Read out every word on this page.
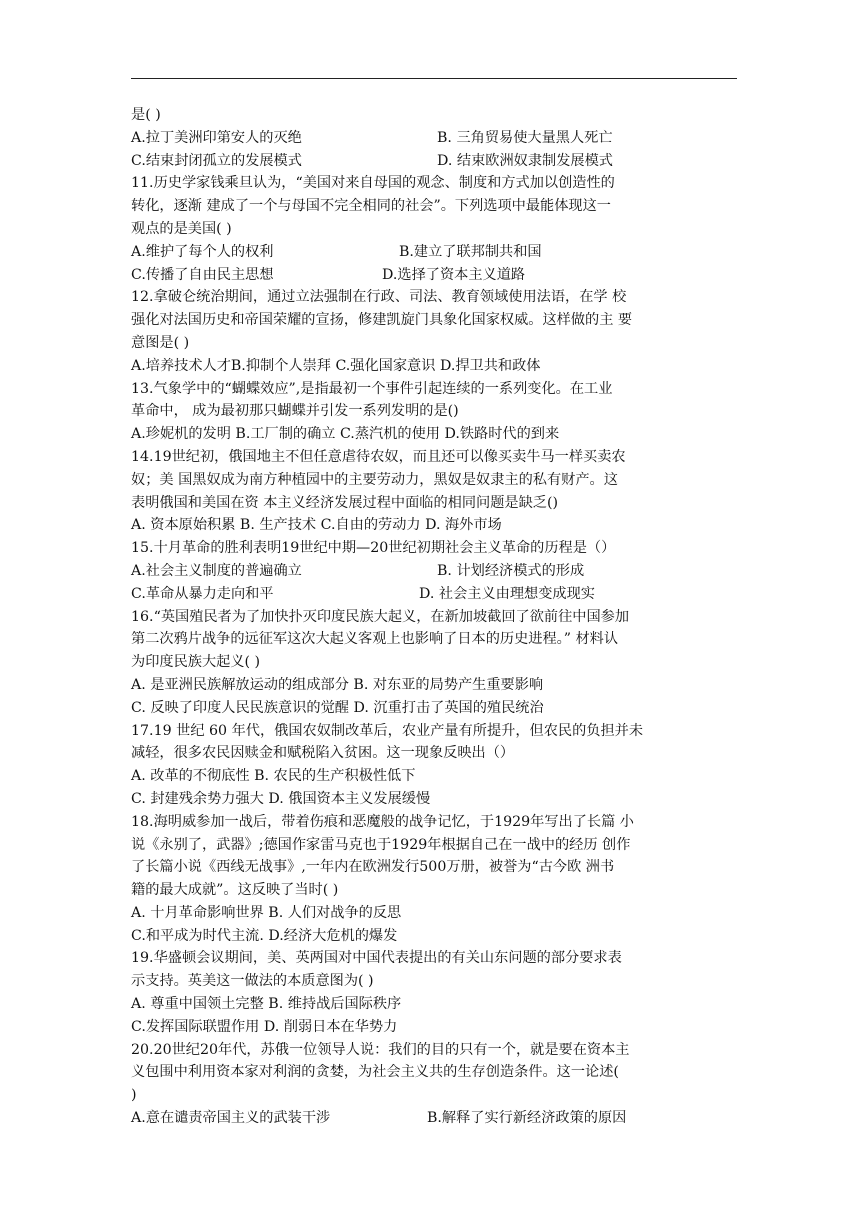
是( )
A.拉丁美洲印第安人的灭绝	B. 三角贸易使大量黑人死亡
C.结束封闭孤立的发展模式	D. 结束欧洲奴隶制发展模式
11.历史学家钱乘旦认为，“美国对来自母国的观念、制度和方式加以创造性的
转化，逐渐 建成了一个与母国不完全相同的社会”。下列选项中最能体现这一
观点的是美国( )
A.维护了每个人的权利	B.建立了联邦制共和国
C.传播了自由民主思想	D.选择了资本主义道路
12.拿破仑统治期间，通过立法强制在行政、司法、教育领域使用法语，在学 校
强化对法国历史和帝国荣耀的宣扬，修建凯旋门具象化国家权威。这样做的主 要
意图是( )
A.培养技术人才B.抑制个人崇拜 C.强化国家意识 D.捍卫共和政体
13.气象学中的“蝴蝶效应”,是指最初一个事件引起连续的一系列变化。在工业
革命中， 成为最初那只蝴蝶并引发一系列发明的是()
A.珍妮机的发明 B.工厂制的确立 C.蒸汽机的使用 D.铁路时代的到来
14.19世纪初，俄国地主不但任意虐待农奴，而且还可以像买卖牛马一样买卖农
奴；美 国黑奴成为南方种植园中的主要劳动力，黑奴是奴隶主的私有财产。这
表明俄国和美国在资 本主义经济发展过程中面临的相同问题是缺乏()
A. 资本原始积累 B. 生产技术 C.自由的劳动力 D. 海外市场
15.十月革命的胜利表明19世纪中期—20世纪初期社会主义革命的历程是（）
A.社会主义制度的普遍确立	B. 计划经济模式的形成
C.革命从暴力走向和平	D. 社会主义由理想变成现实
16.“英国殖民者为了加快扑灭印度民族大起义，在新加坡截回了欲前往中国参加
第二次鸦片战争的远征军这次大起义客观上也影响了日本的历史进程。” 材料认
为印度民族大起义( )
A. 是亚洲民族解放运动的组成部分 B. 对东亚的局势产生重要影响
C. 反映了印度人民民族意识的觉醒 D. 沉重打击了英国的殖民统治
17.19 世纪 60 年代，俄国农奴制改革后，农业产量有所提升，但农民的负担并未
减轻，很多农民因赎金和赋税陷入贫困。这一现象反映出（）
A. 改革的不彻底性 B. 农民的生产积极性低下
C. 封建残余势力强大 D. 俄国资本主义发展缓慢
18.海明威参加一战后，带着伤痕和恶魔般的战争记忆，于1929年写出了长篇 小
说《永别了，武器》;德国作家雷马克也于1929年根据自己在一战中的经历 创作
了长篇小说《西线无战事》,一年内在欧洲发行500万册，被誉为“古今欧 洲书
籍的最大成就”。这反映了当时( )
A. 十月革命影响世界 B. 人们对战争的反思
C.和平成为时代主流. D.经济大危机的爆发
19.华盛顿会议期间，美、英两国对中国代表提出的有关山东问题的部分要求表
示支持。英美这一做法的本质意图为( )
A. 尊重中国领土完整 B. 维持战后国际秩序
C.发挥国际联盟作用 D. 削弱日本在华势力
20.20世纪20年代，苏俄一位领导人说：我们的目的只有一个，就是要在资本主
义包围中利用资本家对利润的贪婪，为社会主义共的生存创造条件。这一论述(
)
A.意在谴责帝国主义的武装干涉	B.解释了实行新经济政策的原因
